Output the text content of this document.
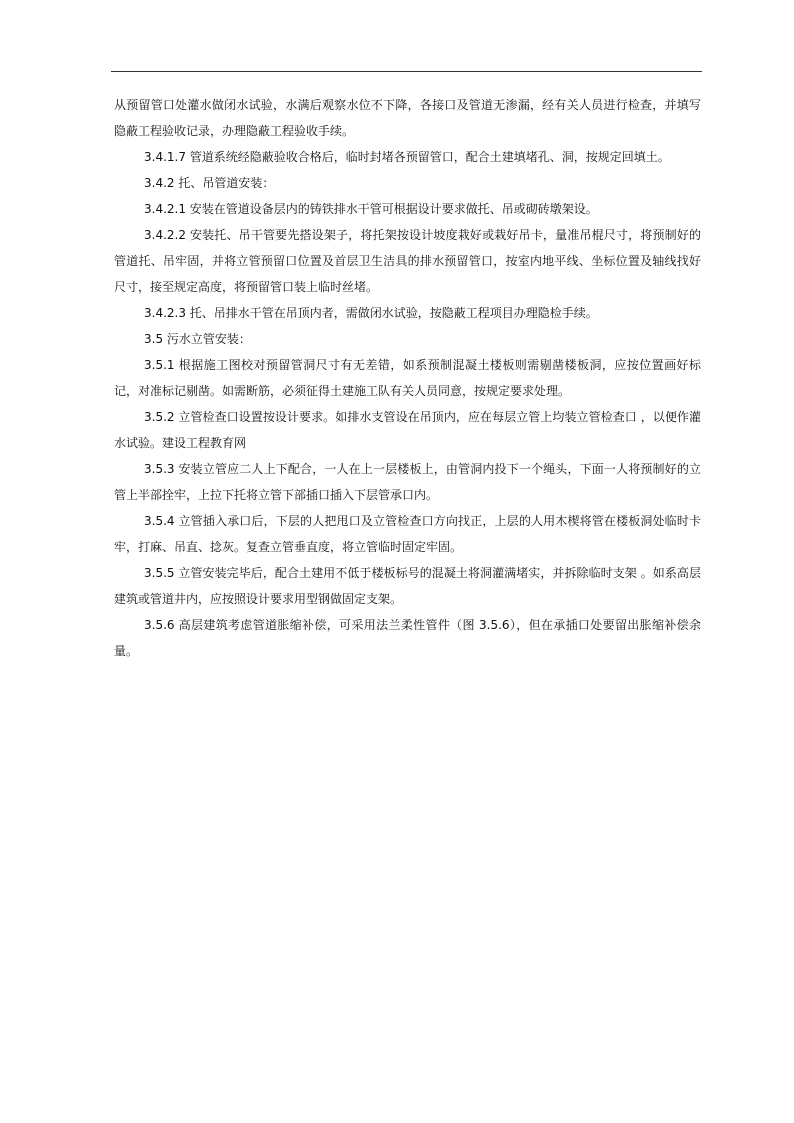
从预留管口处灌水做闭水试验，水满后观察水位不下降，各接口及管道无渗漏，经有关人员进行检查，并填写隐蔽工程验收记录，办理隐蔽工程验收手续。

3.4.1.7 管道系统经隐蔽验收合格后，临时封堵各预留管口，配合土建填堵孔、洞，按规定回填土。

3.4.2 托、吊管道安装：

3.4.2.1 安装在管道设备层内的铸铁排水干管可根据设计要求做托、吊或砌砖墩架设。

3.4.2.2 安装托、吊干管要先搭设架子，将托架按设计坡度栽好或栽好吊卡，量准吊棍尺寸，将预制好的管道托、吊牢固，并将立管预留口位置及首层卫生洁具的排水预留管口，按室内地平线、坐标位置及轴线找好尺寸，接至规定高度，将预留管口装上临时丝堵。

3.4.2.3 托、吊排水干管在吊顶内者，需做闭水试验，按隐蔽工程项目办理隐检手续。

3.5 污水立管安装：

3.5.1 根据施工图校对预留管洞尺寸有无差错，如系预制混凝土楼板则需剔凿楼板洞，应按位置画好标记，对准标记剔凿。如需断筋，必须征得土建施工队有关人员同意，按规定要求处理。

3.5.2 立管检查口设置按设计要求。如排水支管设在吊顶内，应在每层立管上均装立管检查口 ，以便作灌水试验。建设工程教育网

3.5.3 安装立管应二人上下配合，一人在上一层楼板上，由管洞内投下一个绳头，下面一人将预制好的立管上半部拴牢，上拉下托将立管下部插口插入下层管承口内。

3.5.4 立管插入承口后，下层的人把甩口及立管检查口方向找正，上层的人用木楔将管在楼板洞处临时卡牢，打麻、吊直、捻灰。复查立管垂直度，将立管临时固定牢固。

3.5.5 立管安装完毕后，配合土建用不低于楼板标号的混凝土将洞灌满堵实，并拆除临时支架 。如系高层建筑或管道井内，应按照设计要求用型钢做固定支架。

3.5.6 高层建筑考虑管道胀缩补偿，可采用法兰柔性管件（图 3.5.6），但在承插口处要留出胀缩补偿余量。
